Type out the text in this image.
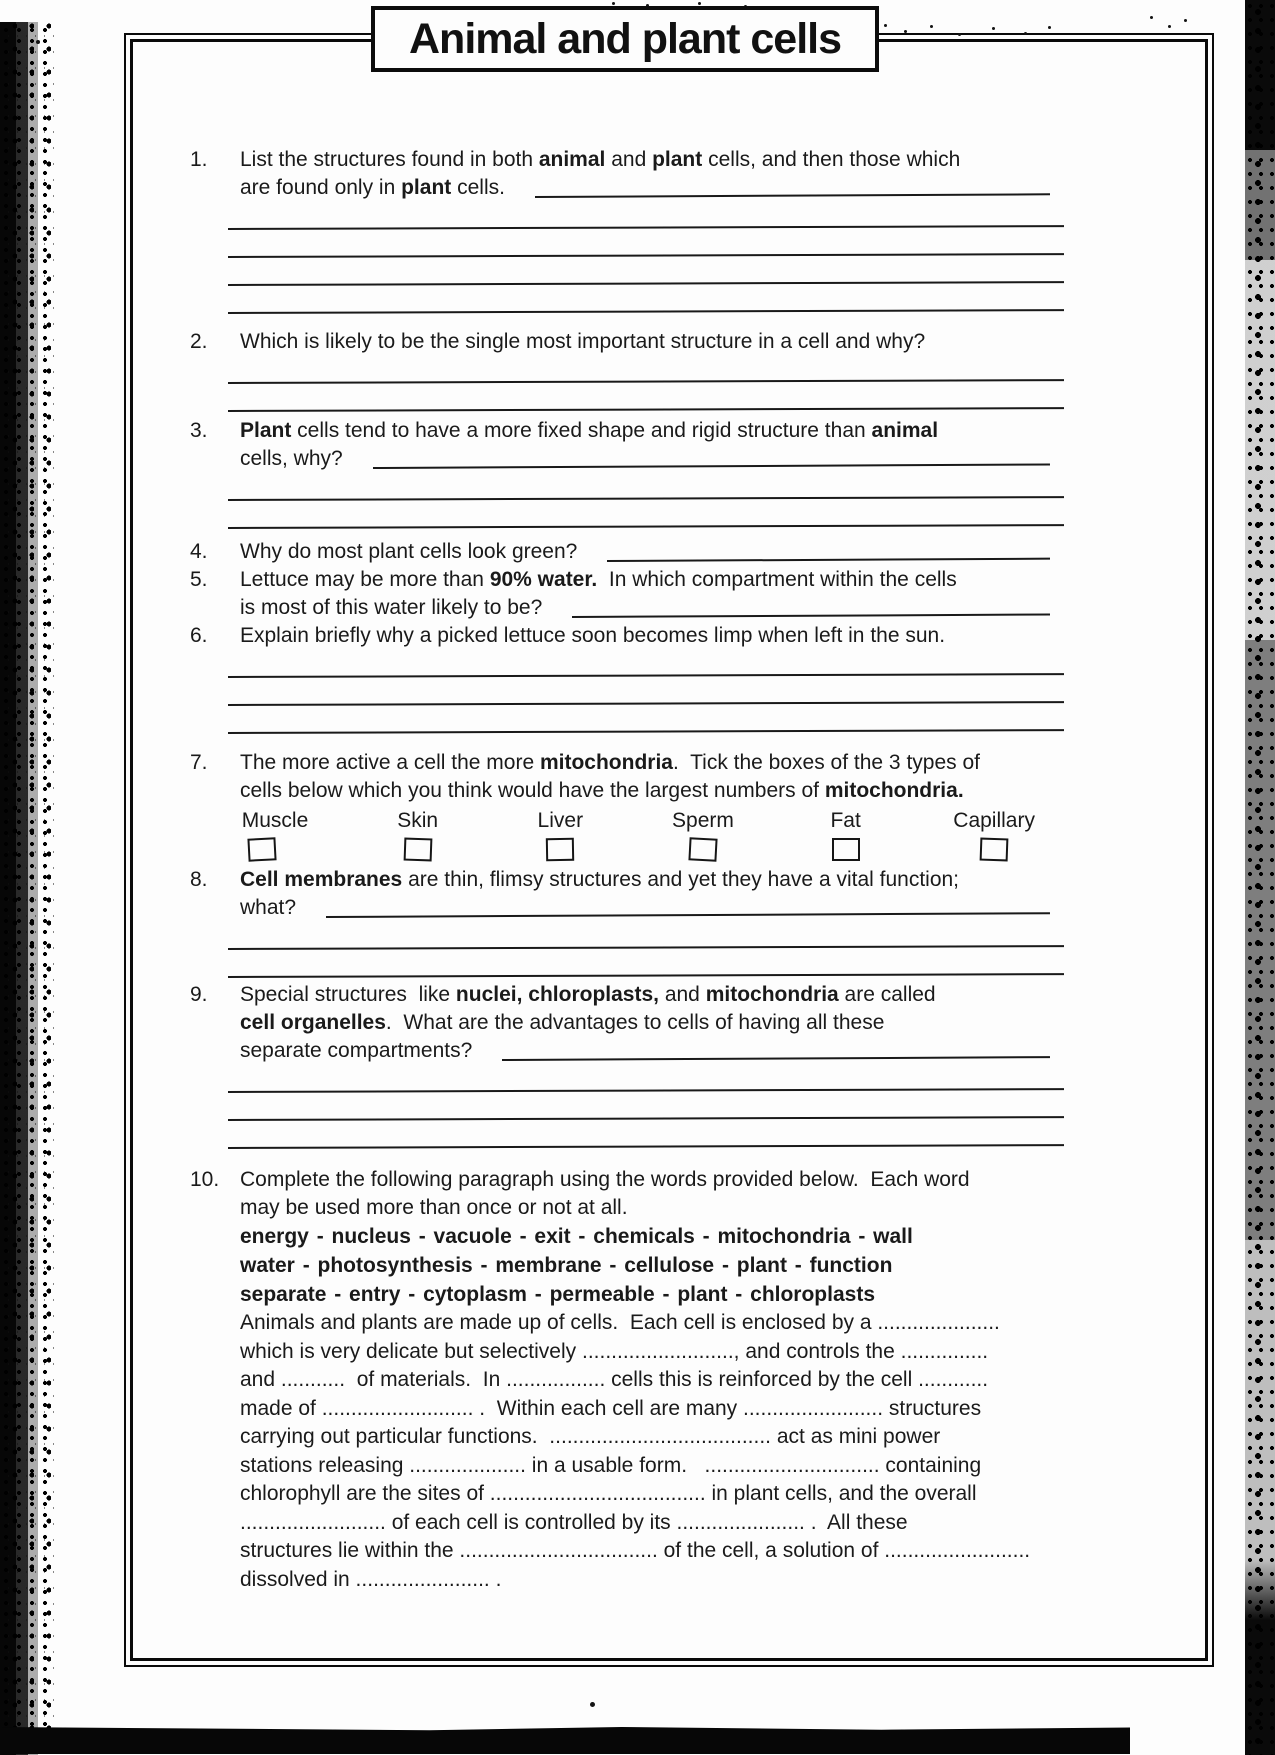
Animal and plant cells
1.	List the structures found in both animal and plant cells, and then those which
are found only in plant cells.
2.	Which is likely to be the single most important structure in a cell and why?
3.	Plant cells tend to have a more fixed shape and rigid structure than animal
cells, why?
4.	Why do most plant cells look green?
5.	Lettuce may be more than 90% water.  In which compartment within the cells
is most of this water likely to be?
6.	Explain briefly why a picked lettuce soon becomes limp when left in the sun.
7.	The more active a cell the more mitochondria.  Tick the boxes of the 3 types of
cells below which you think would have the largest numbers of mitochondria.
Muscle	Skin	Liver	Sperm	Fat	Capillary
8.	Cell membranes are thin, flimsy structures and yet they have a vital function;
what?
9.	Special structures  like nuclei, chloroplasts, and mitochondria are called
cell organelles.  What are the advantages to cells of having all these
separate compartments?
10. Complete the following paragraph using the words provided below.  Each word
may be used more than once or not at all.
energy - nucleus - vacuole - exit - chemicals - mitochondria - wall
water - photosynthesis - membrane - cellulose - plant - function
separate - entry - cytoplasm - permeable - plant - chloroplasts
Animals and plants are made up of cells.  Each cell is enclosed by a .....................
which is very delicate but selectively .........................., and controls the ...............
and ...........  of materials.  In ................. cells this is reinforced by the cell ............
made of .......................... .  Within each cell are many ........................ structures
carrying out particular functions.  ...................................... act as mini power
stations releasing .................... in a usable form.   .............................. containing
chlorophyll are the sites of ..................................... in plant cells, and the overall
......................... of each cell is controlled by its ...................... .  All these
structures lie within the .................................. of the cell, a solution of .........................
dissolved in ....................... .
